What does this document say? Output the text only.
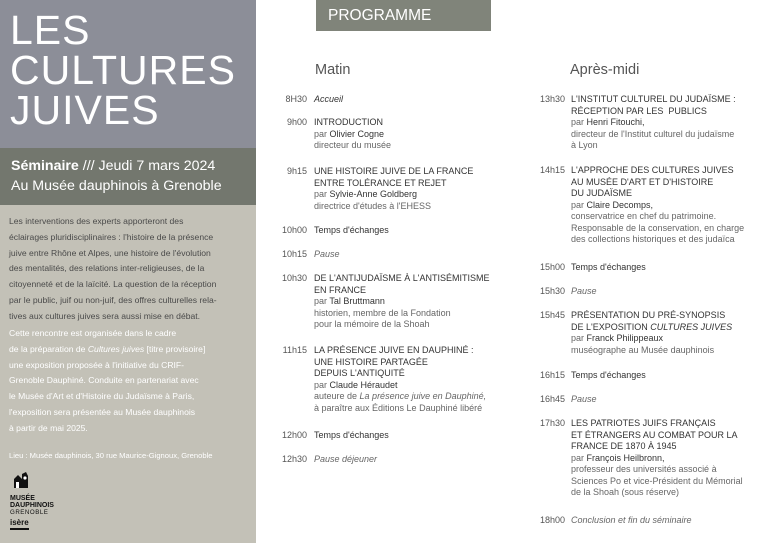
LES
CULTURES
JUIVES
Séminaire /// Jeudi 7 mars 2024
Au Musée dauphinois à Grenoble
Les interventions des experts apporteront des
éclairages pluridisciplinaires : l'histoire de la présence
juive entre Rhône et Alpes, une histoire de l'évolution
des mentalités, des relations inter-religieuses, de la
citoyenneté et de la laïcité. La question de la réception
par le public, juif ou non-juif, des offres culturelles rela-
tives aux cultures juives sera aussi mise en débat.
Cette rencontre est organisée dans le cadre
de la préparation de Cultures juives [titre provisoire]
une exposition proposée à l'initiative du CRIF-
Grenoble Dauphiné. Conduite en partenariat avec
le Musée d'Art et d'Histoire du Judaïsme à Paris,
l'exposition sera présentée au Musée dauphinois
à partir de mai 2025.
Lieu : Musée dauphinois, 30 rue Maurice-Gignoux, Grenoble
MUSÉE
DAUPHINOIS
GRENOBLE
isère
PROGRAMME
Matin	Après-midi
8H30 Accueil
9h00 INTRODUCTION
par Olivier Cogne
directeur du musée
9h15 UNE HISTOIRE JUIVE DE LA FRANCE
ENTRE TOLÉRANCE ET REJET
par Sylvie-Anne Goldberg
directrice d'études à l'EHESS
10h00 Temps d'échanges
10h15 Pause
10h30 DE L'ANTIJUDAÏSME À L'ANTISÉMITISME
EN FRANCE
par Tal Bruttmann
historien, membre de la Fondation
pour la mémoire de la Shoah
11h15 LA PRÉSENCE JUIVE EN DAUPHINÉ :
UNE HISTOIRE PARTAGÉE
DEPUIS L'ANTIQUITÉ
par Claude Héraudet
auteure de La présence juive en Dauphiné,
à paraître aux Éditions Le Dauphiné libéré
12h00 Temps d'échanges
12h30 Pause déjeuner
13h30 L'INSTITUT CULTUREL DU JUDAÏSME :
RÉCEPTION PAR LES  PUBLICS
par Henri Fitouchi,
directeur de l'Institut culturel du judaïsme
à Lyon
14h15 L'APPROCHE DES CULTURES JUIVES
AU MUSÉE D'ART ET D'HISTOIRE
DU JUDAÏSME
par Claire Decomps,
conservatrice en chef du patrimoine.
Responsable de la conservation, en charge
des collections historiques et des judaïca
15h00 Temps d'échanges
15h30 Pause
15h45 PRÉSENTATION DU PRÉ-SYNOPSIS
DE L'EXPOSITION CULTURES JUIVES
par Franck Philippeaux
muséographe au Musée dauphinois
16h15 Temps d'échanges
16h45 Pause
17h30 LES PATRIOTES JUIFS FRANÇAIS
ET ÉTRANGERS AU COMBAT POUR LA
FRANCE DE 1870 À 1945
par François Heilbronn,
professeur des universités associé à
Sciences Po et vice-Président du Mémorial
de la Shoah (sous réserve)
18h00 Conclusion et fin du séminaire
